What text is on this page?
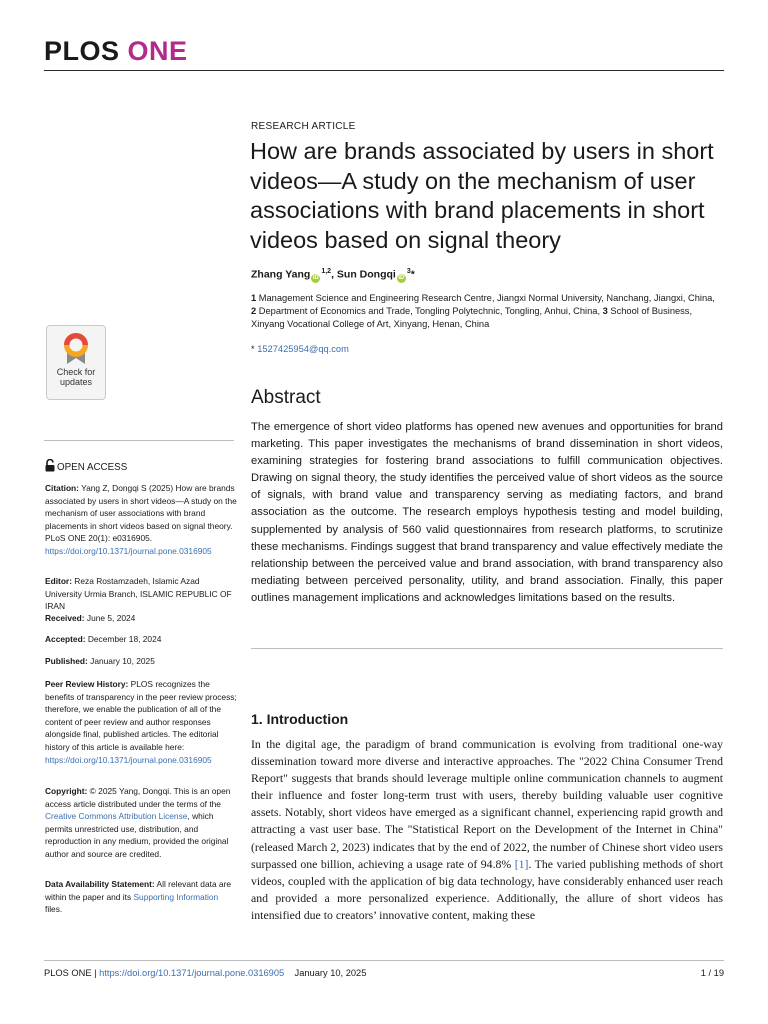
PLOS ONE
Check for
updates
OPEN ACCESS

Citation: Yang Z, Dongqi S (2025) How are brands associated by users in short videos—A study on the mechanism of user associations with brand placements in short videos based on signal theory. PLoS ONE 20(1): e0316905. https://doi.org/10.1371/journal.pone.0316905

Editor: Reza Rostamzadeh, Islamic Azad University Urmia Branch, ISLAMIC REPUBLIC OF IRAN

Received: June 5, 2024

Accepted: December 18, 2024

Published: January 10, 2025

Peer Review History: PLOS recognizes the benefits of transparency in the peer review process; therefore, we enable the publication of all of the content of peer review and author responses alongside final, published articles. The editorial history of this article is available here: https://doi.org/10.1371/journal.pone.0316905

Copyright: © 2025 Yang, Dongqi. This is an open access article distributed under the terms of the Creative Commons Attribution License, which permits unrestricted use, distribution, and reproduction in any medium, provided the original author and source are credited.

Data Availability Statement: All relevant data are within the paper and its Supporting Information files.

RESEARCH ARTICLE
How are brands associated by users in short videos—A study on the mechanism of user associations with brand placements in short videos based on signal theory
Zhang Yang iD$^{1,2}$, Sun Dongqi $iD^3*$

1 Management Science and Engineering Research Centre, Jiangxi Normal University, Nanchang, Jiangxi, China, 2 Department of Economics and Trade, Tongling Polytechnic, Tongling, Anhui, China, 3 School of Business, Xinyang Vocational College of Art, Xinyang, Henan, China

* 1527425954@qq.com
Abstract

The emergence of short video platforms has opened new avenues and opportunities for brand marketing. This paper investigates the mechanisms of brand dissemination in short videos, examining strategies for fostering brand associations to fulfill communication objectives. Drawing on signal theory, the study identifies the perceived value of short videos as the source of signals, with brand value and transparency serving as mediating factors, and brand association as the outcome. The research employs hypothesis testing and model building, supplemented by analysis of 560 valid questionnaires from research platforms, to scrutinize these mechanisms. Findings suggest that brand transparency and value effectively mediate the relationship between the perceived value and brand association, with brand transparency also mediating between perceived personality, utility, and brand association. Finally, this paper outlines management implications and acknowledges limitations based on the results.

1. Introduction

In the digital age, the paradigm of brand communication is evolving from traditional one-way dissemination toward more diverse and interactive approaches. The "2022 China Consumer Trend Report" suggests that brands should leverage multiple online communication channels to augment their influence and foster long-term trust with users, thereby building valuable user cognitive assets. Notably, short videos have emerged as a significant channel, experiencing rapid growth and attracting a vast user base. The "Statistical Report on the Development of the Internet in China" (released March 2, 2023) indicates that by the end of 2022, the number of Chinese short video users surpassed one billion, achieving a usage rate of 94.8% [1]. The varied publishing methods of short videos, coupled with the application of big data technology, have considerably enhanced user reach and provided a more personalized experience. Additionally, the allure of short videos has intensified due to creators’ innovative content, making these

PLOS ONE | https://doi.org/10.1371/journal.pone.0316905 January 10, 2025	1 / 19
